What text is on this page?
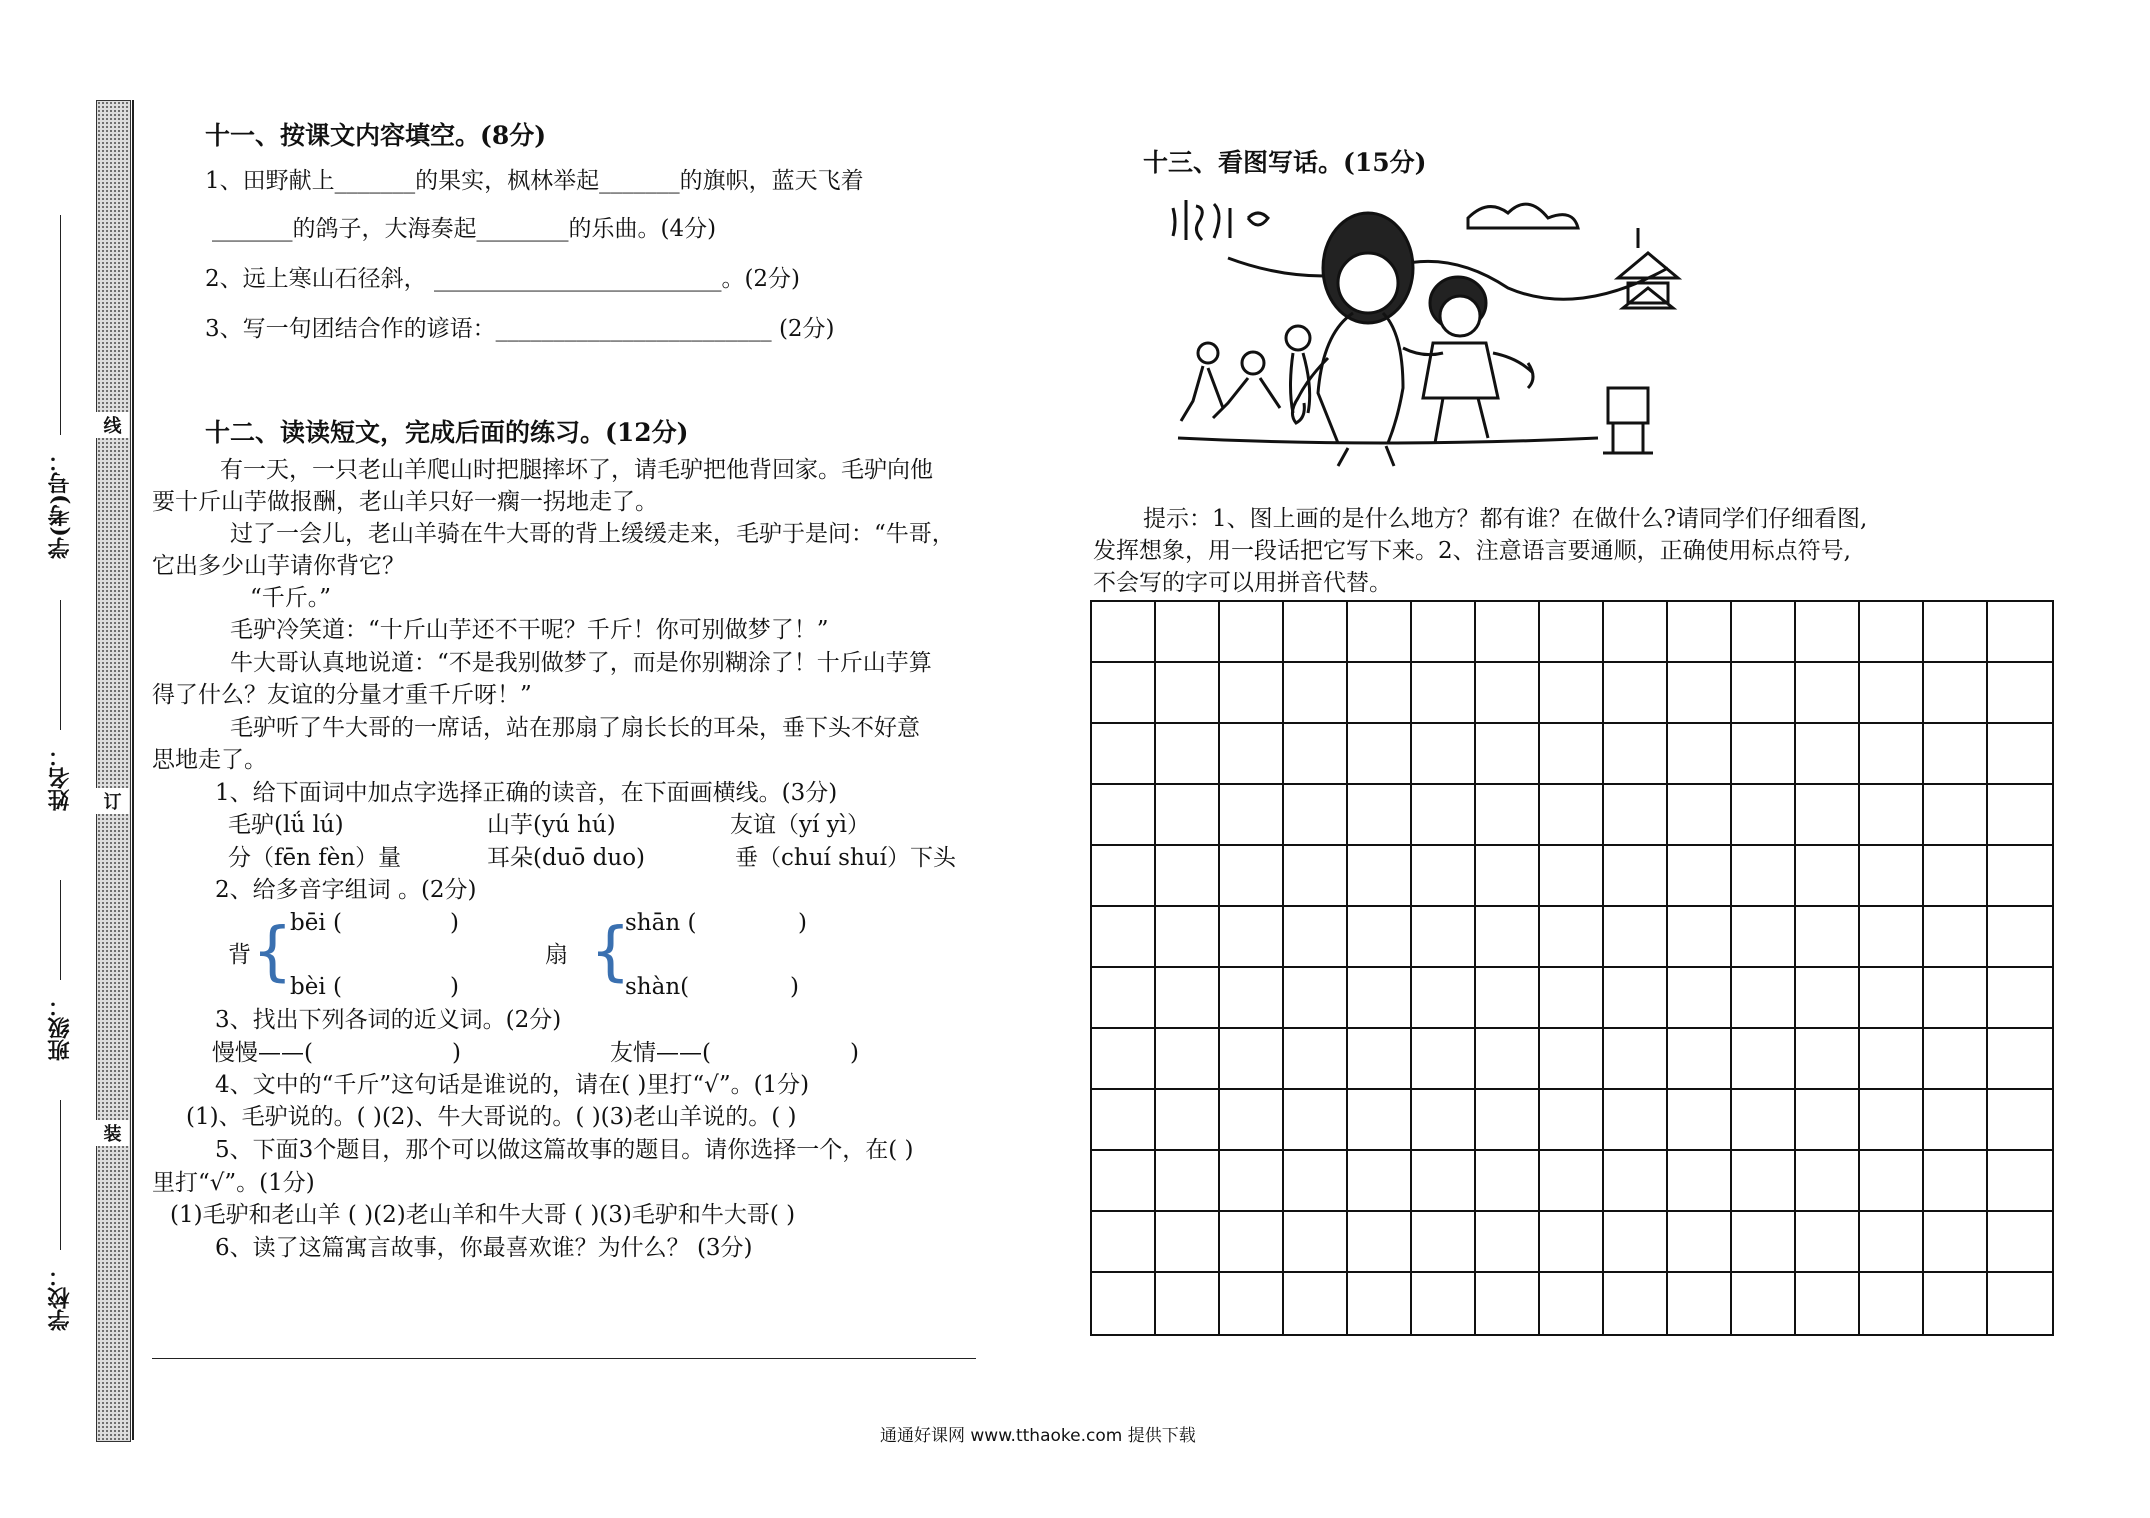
线
订
装
学(考)号：
姓名：
班级：
学校：
十一、按课文内容填空。(8分)
1、田野献上_______的果实，枫林举起_______的旗帜，蓝天飞着
_______的鸽子，大海奏起________的乐曲。(4分)
2、远上寒山石径斜， _________________________。(2分)
3、写一句团结合作的谚语：________________________ (2分)
十二、读读短文，完成后面的练习。(12分)
有一天，一只老山羊爬山时把腿摔坏了，请毛驴把他背回家。毛驴向他
要十斤山芋做报酬，老山羊只好一瘸一拐地走了。
过了一会儿，老山羊骑在牛大哥的背上缓缓走来，毛驴于是问：“牛哥，
它出多少山芋请你背它？
“千斤。”
毛驴冷笑道：“十斤山芋还不干呢？千斤！你可别做梦了！”
牛大哥认真地说道：“不是我别做梦了，而是你别糊涂了！十斤山芋算
得了什么？友谊的分量才重千斤呀！”
毛驴听了牛大哥的一席话，站在那扇了扇长长的耳朵，垂下头不好意
思地走了。
1、给下面词中加点字选择正确的读音，在下面画横线。(3分)
毛驴(lǘ lú)	山芋(yú hú)	友谊（yí yì）
分（fēn fèn）量	耳朵(duō duo)	垂（chuí shuí）下头
2、给多音字组词 。(2分)
bēi (	)
背 {
bèi (	)
shān (	)
扇 {
shàn(	)
3、找出下列各词的近义词。(2分)
慢慢——(	)	友情——(	)
4、文中的“千斤”这句话是谁说的，请在( )里打“√”。(1分)
(1)、毛驴说的。( )(2)、牛大哥说的。( )(3)老山羊说的。( )
5、下面3个题目，那个可以做这篇故事的题目。请你选择一个，在( )
里打“√”。(1分)
(1)毛驴和老山羊 ( )(2)老山羊和牛大哥 ( )(3)毛驴和牛大哥( )
6、读了这篇寓言故事，你最喜欢谁？为什么？ (3分)
十三、看图写话。(15分)
提示：1、图上画的是什么地方？都有谁？在做什么?请同学们仔细看图,
发挥想象，用一段话把它写下来。2、注意语言要通顺，正确使用标点符号,
不会写的字可以用拼音代替。
通通好课网 www.tthaoke.com 提供下载
